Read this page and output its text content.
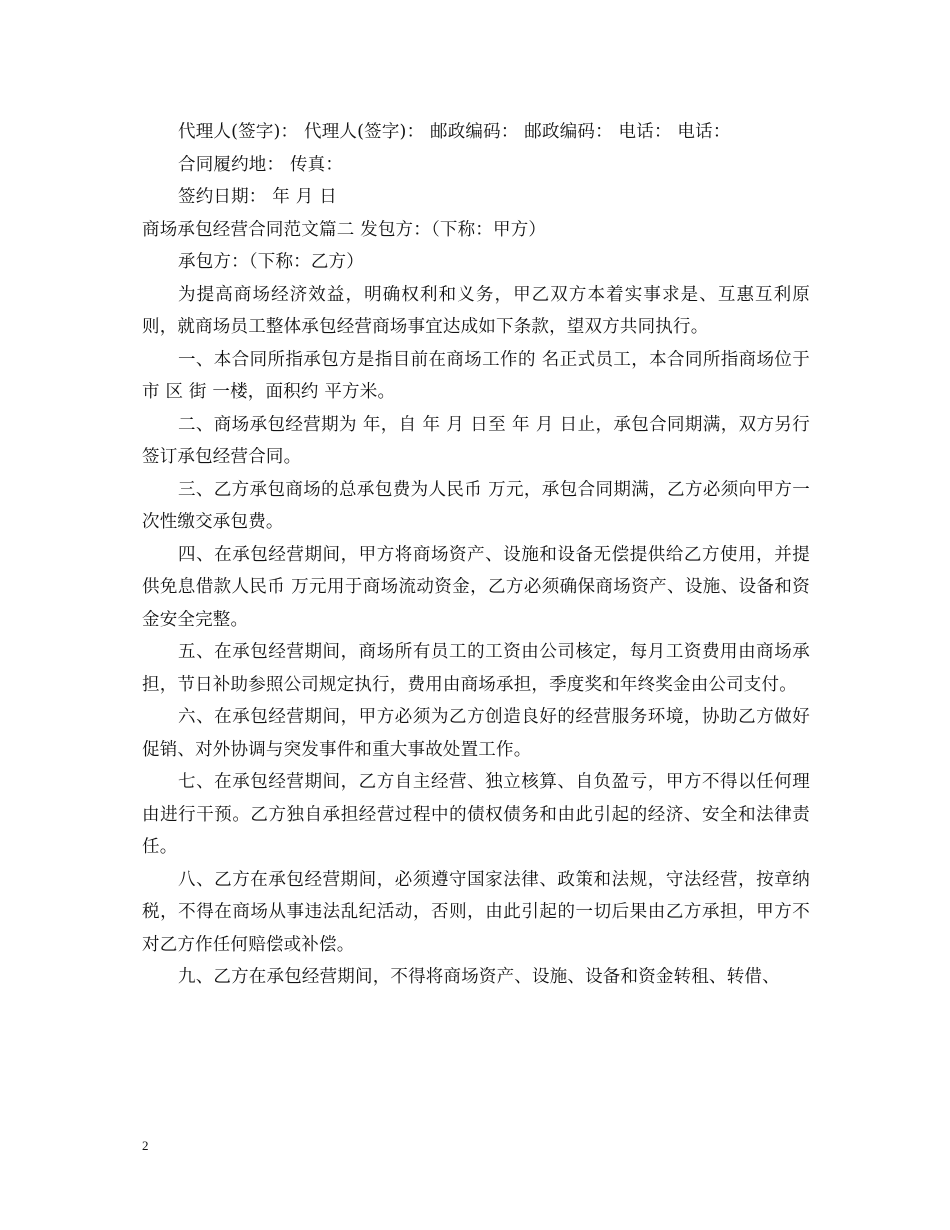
代理人(签字)： 代理人(签字)： 邮政编码： 邮政编码： 电话： 电话：
合同履约地： 传真：
签约日期： 年 月 日
商场承包经营合同范文篇二 发包方：（下称：甲方）
承包方：（下称：乙方）
为提高商场经济效益，明确权利和义务，甲乙双方本着实事求是、互惠互利原则，就商场员工整体承包经营商场事宜达成如下条款，望双方共同执行。
一、本合同所指承包方是指目前在商场工作的 名正式员工，本合同所指商场位于市 区 街 一楼，面积约 平方米。
二、商场承包经营期为 年，自 年 月 日至 年 月 日止，承包合同期满，双方另行签订承包经营合同。
三、乙方承包商场的总承包费为人民币 万元，承包合同期满，乙方必须向甲方一次性缴交承包费。
四、在承包经营期间，甲方将商场资产、设施和设备无偿提供给乙方使用，并提供免息借款人民币 万元用于商场流动资金，乙方必须确保商场资产、设施、设备和资金安全完整。
五、在承包经营期间，商场所有员工的工资由公司核定，每月工资费用由商场承担，节日补助参照公司规定执行，费用由商场承担，季度奖和年终奖金由公司支付。
六、在承包经营期间，甲方必须为乙方创造良好的经营服务环境，协助乙方做好促销、对外协调与突发事件和重大事故处置工作。
七、在承包经营期间，乙方自主经营、独立核算、自负盈亏，甲方不得以任何理由进行干预。乙方独自承担经营过程中的债权债务和由此引起的经济、安全和法律责任。
八、乙方在承包经营期间，必须遵守国家法律、政策和法规，守法经营，按章纳税，不得在商场从事违法乱纪活动，否则，由此引起的一切后果由乙方承担，甲方不对乙方作任何赔偿或补偿。
九、乙方在承包经营期间，不得将商场资产、设施、设备和资金转租、转借、
2
